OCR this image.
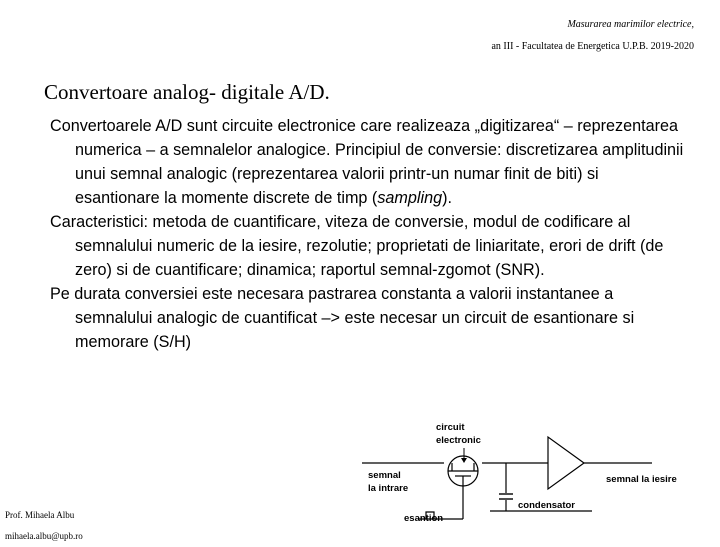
Masurarea marimilor electrice,
an III - Facultatea de Energetica U.P.B. 2019-2020
Convertoare analog- digitale A/D.

Convertoarele A/D sunt circuite electronice care realizeaza „digitizarea“ – reprezentarea numerica – a semnalelor analogice. Principiul de conversie: discretizarea amplitudinii unui semnal analogic (reprezentarea valorii printr-un numar finit de biti) si esantionare la momente discrete de timp (sampling).

Caracteristici: metoda de cuantificare, viteza de conversie, modul de codificare al semnalului numeric de la iesire, rezolutie; proprietati de liniaritate, erori de drift (de zero) si de cuantificare; dinamica; raportul semnal-zgomot (SNR).

Pe durata conversiei este necesara pastrarea constanta a valorii instantanee a semnalului analogic de cuantificat –> este necesar un circuit de esantionare si memorare (S/H)

circuit
electronic
semnal
la intrare
semnal la iesire
condensator
esantion
Prof. Mihaela Albu
mihaela.albu@upb.ro
